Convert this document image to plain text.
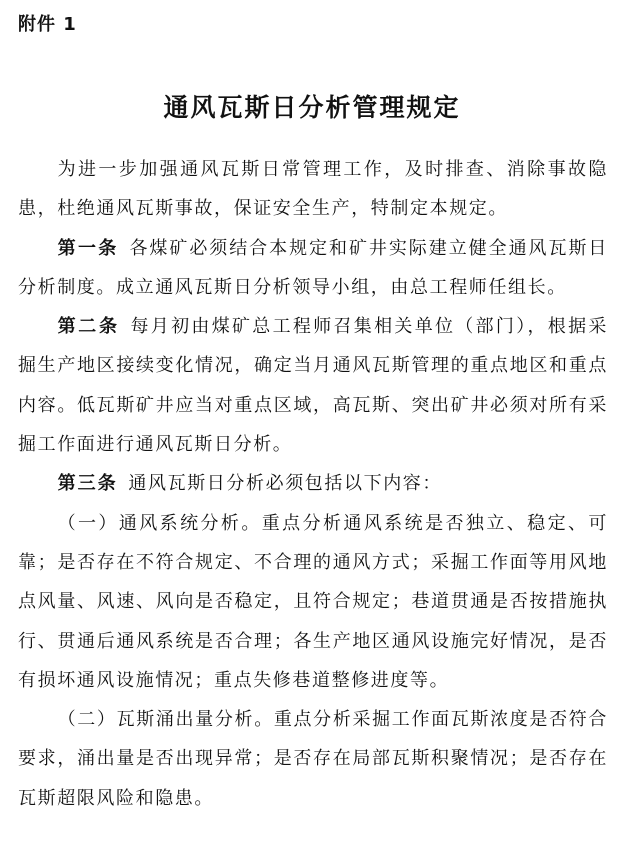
附件 1
通风瓦斯日分析管理规定

为进一步加强通风瓦斯日常管理工作，及时排查、消除事故隐患，杜绝通风瓦斯事故，保证安全生产，特制定本规定。

第一条 各煤矿必须结合本规定和矿井实际建立健全通风瓦斯日分析制度。成立通风瓦斯日分析领导小组，由总工程师任组长。

第二条 每月初由煤矿总工程师召集相关单位（部门），根据采掘生产地区接续变化情况，确定当月通风瓦斯管理的重点地区和重点内容。低瓦斯矿井应当对重点区域，高瓦斯、突出矿井必须对所有采掘工作面进行通风瓦斯日分析。

第三条 通风瓦斯日分析必须包括以下内容：

（一）通风系统分析。重点分析通风系统是否独立、稳定、可靠；是否存在不符合规定、不合理的通风方式；采掘工作面等用风地点风量、风速、风向是否稳定，且符合规定；巷道贯通是否按措施执行、贯通后通风系统是否合理；各生产地区通风设施完好情况，是否有损坏通风设施情况；重点失修巷道整修进度等。

（二）瓦斯涌出量分析。重点分析采掘工作面瓦斯浓度是否符合要求，涌出量是否出现异常；是否存在局部瓦斯积聚情况；是否存在瓦斯超限风险和隐患。
